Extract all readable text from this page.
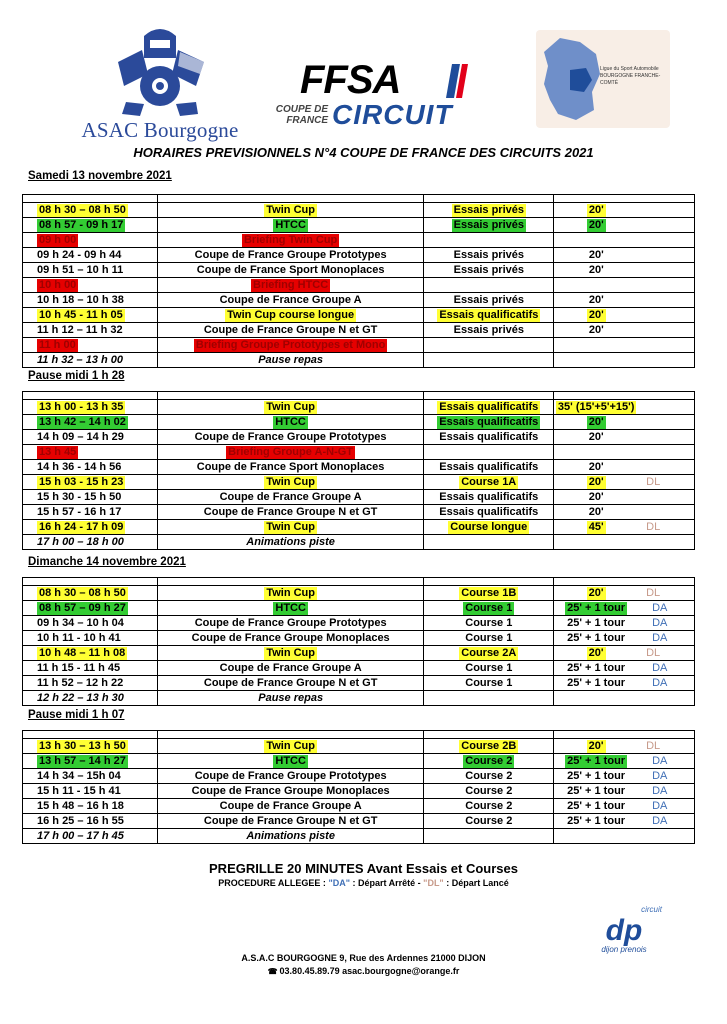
ASAC Bourgogne
FFSA
COUPE DE FRANCE CIRCUIT
Ligue du Sport Automobile BOURGOGNE FRANCHE-COMTÉ
HORAIRES PREVISIONNELS N°4 COUPE DE FRANCE DES CIRCUITS 2021
Samedi 13 novembre 2021

08 h 30 – 08 h 50	Twin Cup	Essais privés	20'
08 h 57 - 09 h 17	HTCC	Essais privés	20'
09 h 00	Briefing Twin Cup		
09 h 24 - 09 h 44	Coupe de France Groupe Prototypes	Essais privés	20'
09 h 51 – 10 h 11	Coupe de France Sport Monoplaces	Essais privés	20'
10 h 00	Briefing HTCC		
10 h 18 – 10 h 38	Coupe de France Groupe A	Essais privés	20'
10 h 45 - 11 h 05	Twin Cup course longue	Essais qualificatifs	20'
11 h 12 – 11 h 32	Coupe de France Groupe N et GT	Essais privés	20'
11 h 00	Briefing Groupe Prototypes et Mono		
11 h 32 – 13 h 00	Pause repas		
Pause midi 1 h 28

13 h 00 - 13 h 35	Twin Cup	Essais qualificatifs	35' (15'+5'+15')
13 h 42 – 14 h 02	HTCC	Essais qualificatifs	20'
14 h 09 – 14 h 29	Coupe de France Groupe Prototypes	Essais qualificatifs	20'
13 h 45	Briefing Groupe A-N-GT		
14 h 36 - 14 h 56	Coupe de France Sport Monoplaces	Essais qualificatifs	20'
15 h 03 - 15 h 23	Twin Cup	Course 1A	20' DL
15 h 30 - 15 h 50	Coupe de France Groupe A	Essais qualificatifs	20'
15 h 57 - 16 h 17	Coupe de France Groupe N et GT	Essais qualificatifs	20'
16 h 24 - 17 h 09	Twin Cup	Course longue	45' DL
17 h 00 – 18 h 00	Animations piste		
Dimanche 14 novembre 2021

08 h 30 – 08 h 50	Twin Cup	Course 1B	20' DL
08 h 57 – 09 h 27	HTCC	Course 1	25' + 1 tour DA
09 h 34 – 10 h 04	Coupe de France Groupe Prototypes	Course 1	25' + 1 tour DA
10 h 11 - 10 h 41	Coupe de France Groupe Monoplaces	Course 1	25' + 1 tour DA
10 h 48 – 11 h 08	Twin Cup	Course 2A	20' DL
11 h 15 - 11 h 45	Coupe de France Groupe A	Course 1	25' + 1 tour DA
11 h 52 – 12 h 22	Coupe de France Groupe N et GT	Course 1	25' + 1 tour DA
12 h 22 – 13 h 30	Pause repas		
Pause midi 1 h 07

13 h 30 – 13 h 50	Twin Cup	Course 2B	20' DL
13 h 57 – 14 h 27	HTCC	Course 2	25' + 1 tour DA
14 h 34 – 15h 04	Coupe de France Groupe Prototypes	Course 2	25' + 1 tour DA
15 h 11 - 15 h 41	Coupe de France Groupe Monoplaces	Course 2	25' + 1 tour DA
15 h 48 – 16 h 18	Coupe de France Groupe A	Course 2	25' + 1 tour DA
16 h 25 – 16 h 55	Coupe de France Groupe N et GT	Course 2	25' + 1 tour DA
17 h 00 – 17 h 45	Animations piste		
PREGRILLE 20 MINUTES Avant Essais et Courses
PROCEDURE ALLEGEE : "DA" : Départ Arrêté - "DL" : Départ Lancé
circuit
dp
dijon prenois
A.S.A.C BOURGOGNE 9, Rue des Ardennes 21000 DIJON
☎ 03.80.45.89.79 asac.bourgogne@orange.fr
